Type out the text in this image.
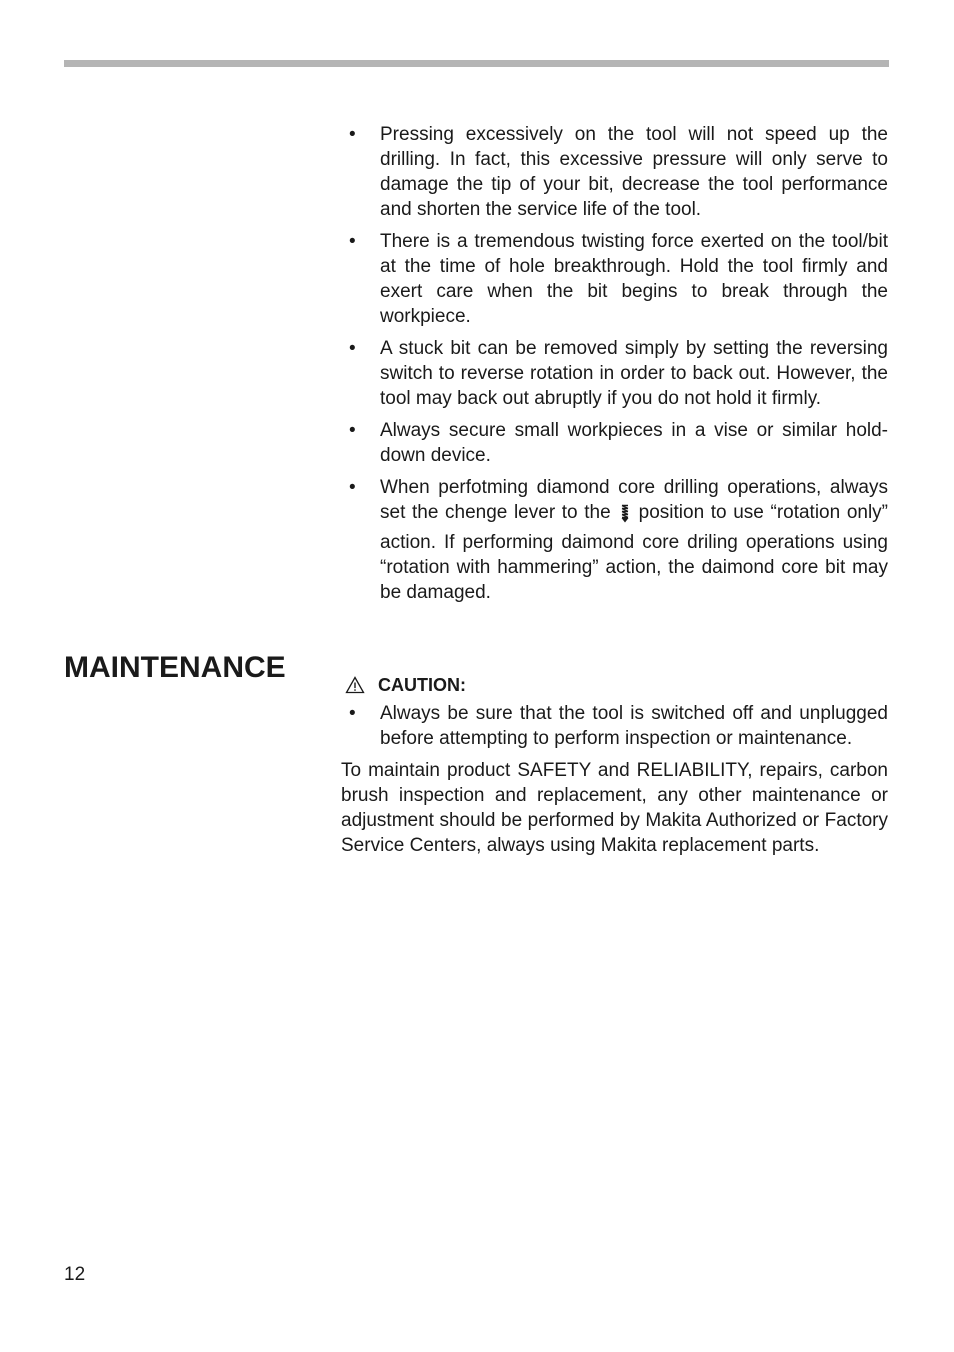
• Pressing excessively on the tool will not speed up the drilling. In fact, this excessive pressure will only serve to damage the tip of your bit, decrease the tool performance and shorten the service life of the tool.
• There is a tremendous twisting force exerted on the tool/bit at the time of hole breakthrough. Hold the tool firmly and exert care when the bit begins to break through the workpiece.
• A stuck bit can be removed simply by setting the reversing switch to reverse rotation in order to back out. However, the tool may back out abruptly if you do not hold it firmly.
• Always secure small workpieces in a vise or similar hold-down device.
• When perfotming diamond core drilling operations, always set the chenge lever to the position to use “rotation only” action. If performing daimond core driling operations using “rotation with hammering” action, the daimond core bit may be damaged.
MAINTENANCE
CAUTION:
• Always be sure that the tool is switched off and unplugged before attempting to perform inspection or maintenance.

To maintain product SAFETY and RELIABILITY, repairs, carbon brush inspection and replacement, any other maintenance or adjustment should be performed by Makita Authorized or Factory Service Centers, always using Makita replacement parts.

12
